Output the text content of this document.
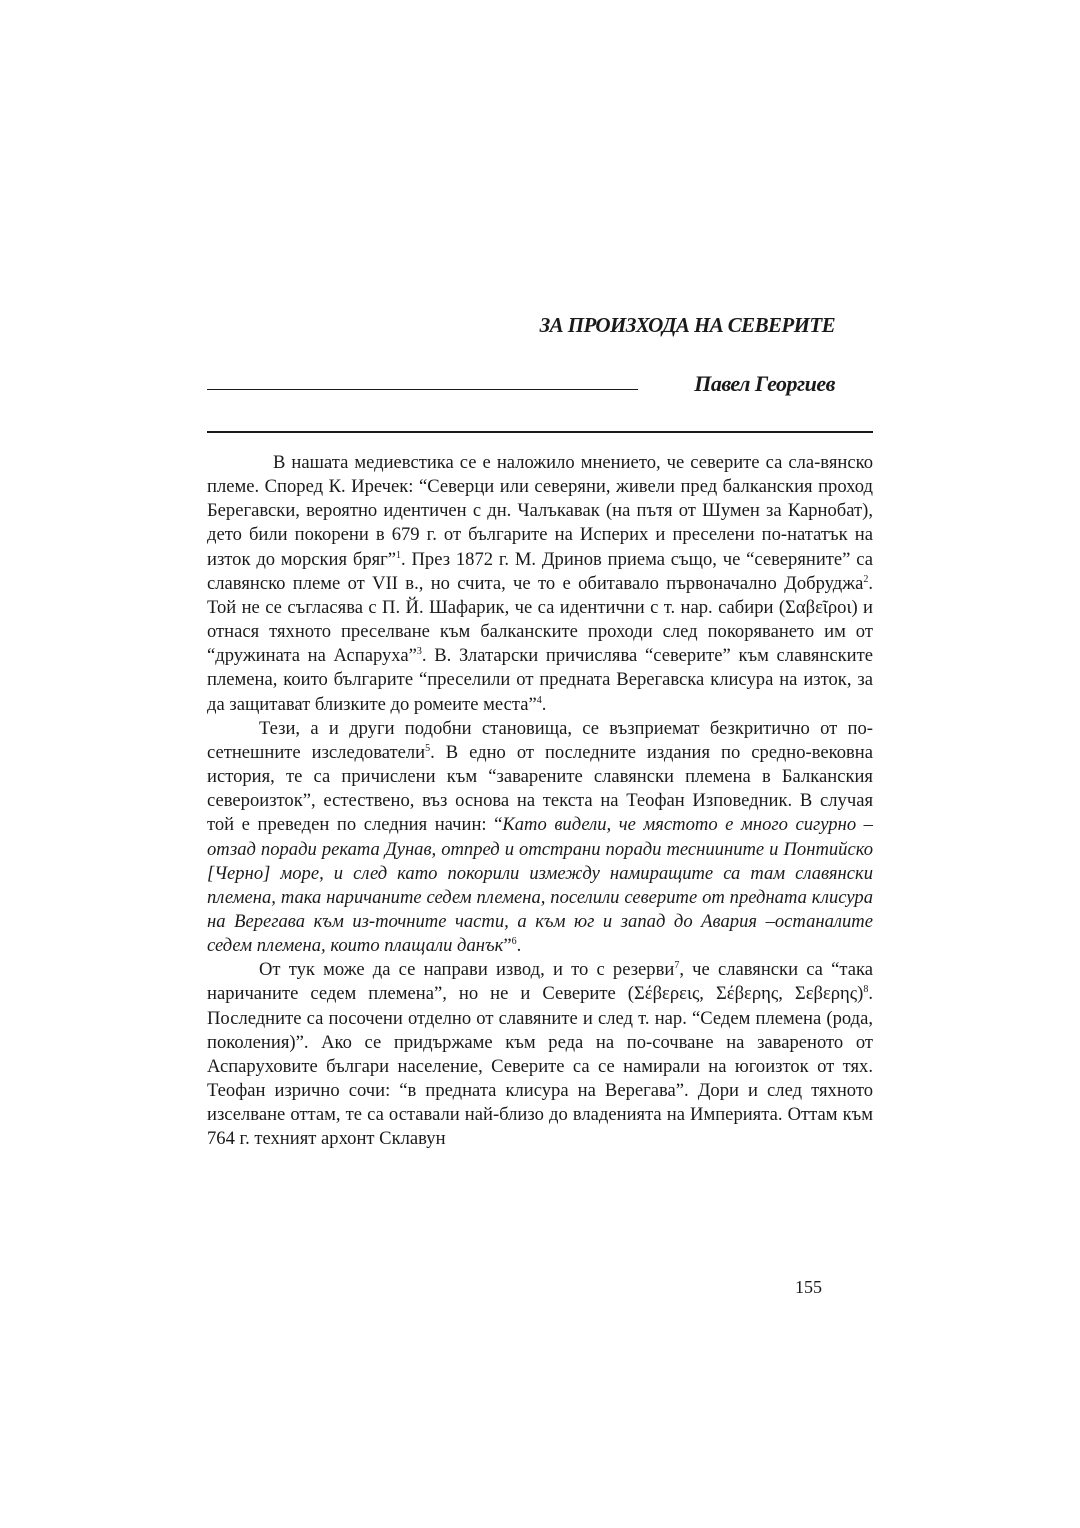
ЗА ПРОИЗХОДА НА СЕВЕРИТЕ
Павел Георгиев

В нашата медиевстика се е наложило мнението, че северите са сла-вянско племе. Според К. Иречек: “Северци или северяни, живели пред балканския проход Берегавски, вероятно идентичен с дн. Чалъкавак (на пътя от Шумен за Карнобат), дето били покорени в 679 г. от българите на Исперих и преселени по-нататък на изток до морския бряг”$^1$. През 1872 г. М. Дринов приема също, че “северяните” са славянско племе от VII в., но счита, че то е обитавало първоначално Добруджа$^2$. Той не се съгласява с П. Й. Шафарик, че са идентични с т. нар. сабири (Σαβεῖροι) и отнася тяхното преселване към балканските проходи след покоряването им от “дружината на Аспаруха”$^3$. В. Златарски причислява “северите” към славянските племена, които българите “преселили от предната Верегавска клисура на изток, за да защитават близките до ромеите места”$^4$.

Тези, а и други подобни становища, се възприемат безкритично от по-сетнешните изследователи$^5$. В едно от последните издания по средно-вековна история, те са причислени към “заварените славянски племена в Балканския североизток”, естествено, въз основа на текста на Теофан Изповедник. В случая той е преведен по следния начин: “Като видели, че мястото е много сигурно – отзад поради реката Дунав, отпред и отстрани поради тесниините и Понтийско [Черно] море, и след като покорили измежду намиращите са там славянски племена, така наричаните седем племена, поселили северите от предната клисура на Верегава към из-точните части, а към юг и запад до Авария –останалите седем племена, които плащали данък”$^6$.

От тук може да се направи извод, и то с резерви$^7$, че славянски са “така наричаните седем племена”, но не и Северите (Σέβερεις, Σέβερης, Σεβερης)$^8$. Последните са посочени отделно от славяните и след т. нар. “Седем племена (рода, поколения)”. Ако се придържаме към реда на по-сочване на завареното от Аспаруховите българи население, Северите са се намирали на югоизток от тях. Теофан изрично сочи: “в предната клисура на Верегава”. Дори и след тяхното изселване оттам, те са оставали най-близо до владенията на Империята. Оттам към 764 г. техният архонт Склавун

155
